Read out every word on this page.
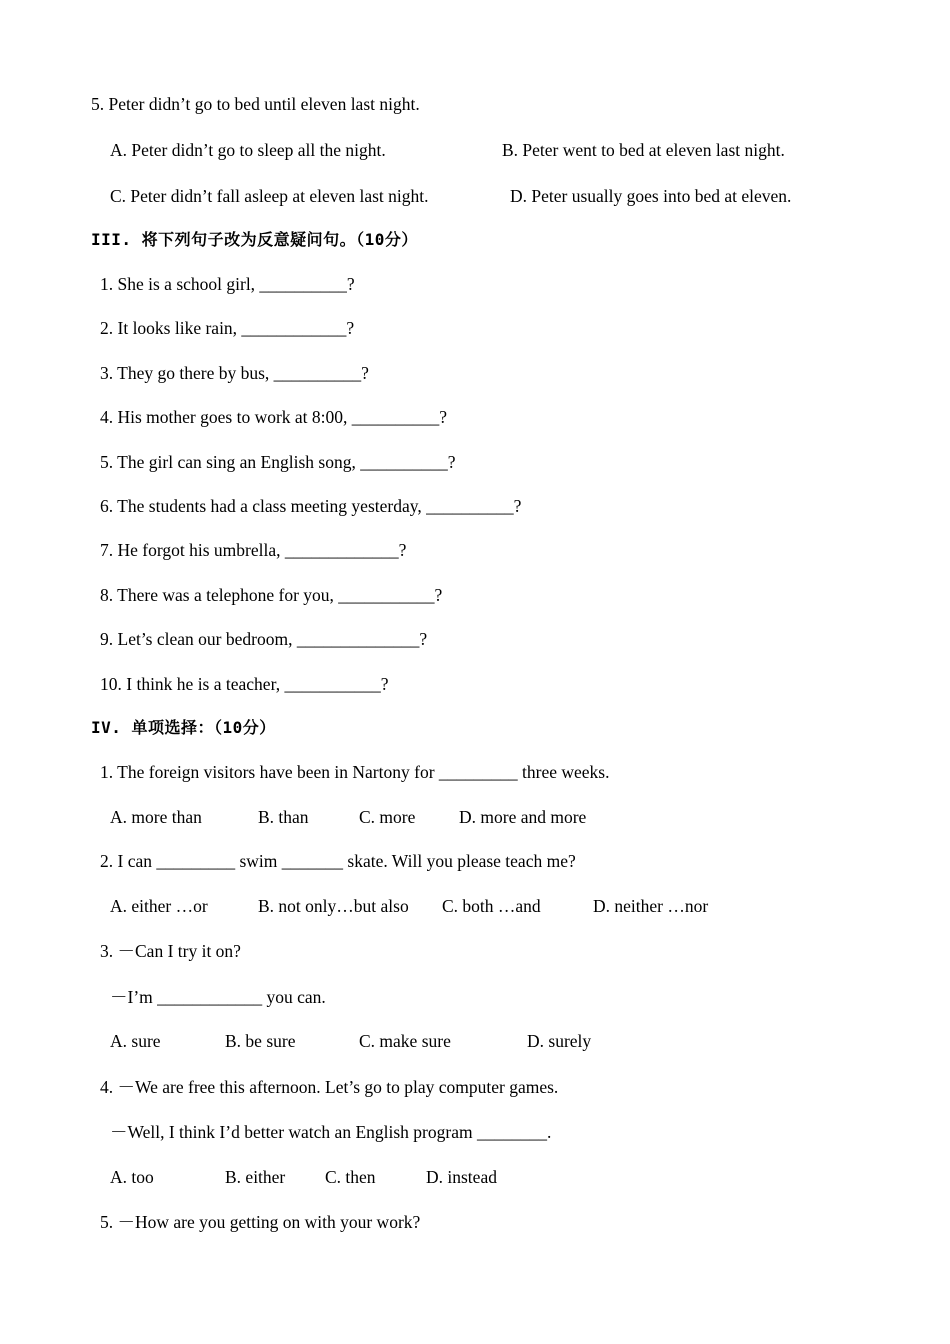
5. Peter didn’t go to bed until eleven last night.
A. Peter didn’t go to sleep all the night.	B. Peter went to bed at eleven last night.
C. Peter didn’t fall asleep at eleven last night.	D. Peter usually goes into bed at eleven.
III. 将下列句子改为反意疑问句。（10分）
1. She is a school girl, __________?
2. It looks like rain, ____________?
3. They go there by bus, __________?
4. His mother goes to work at 8:00, __________?
5. The girl can sing an English song, __________?
6. The students had a class meeting yesterday, __________?
7. He forgot his umbrella, _____________?
8. There was a telephone for you, ___________?
9. Let’s clean our bedroom, ______________?
10. I think he is a teacher, ___________?
IV. 单项选择：（10分）
1. The foreign visitors have been in Nartony for _________ three weeks.
A. more than	B. than	C. more D. more and more
2. I can _________ swim _______ skate. Will you please teach me?
A. either …or	B. not only…but also C. both …and	D. neither …nor
3. －Can I try it on?
－I’m ____________ you can.
A. sure	B. be sure	C. make sure	D. surely
4. －We are free this afternoon. Let’s go to play computer games.
－Well, I think I’d better watch an English program ________.
A. too	B. either C. then	D. instead
5. －How are you getting on with your work?
